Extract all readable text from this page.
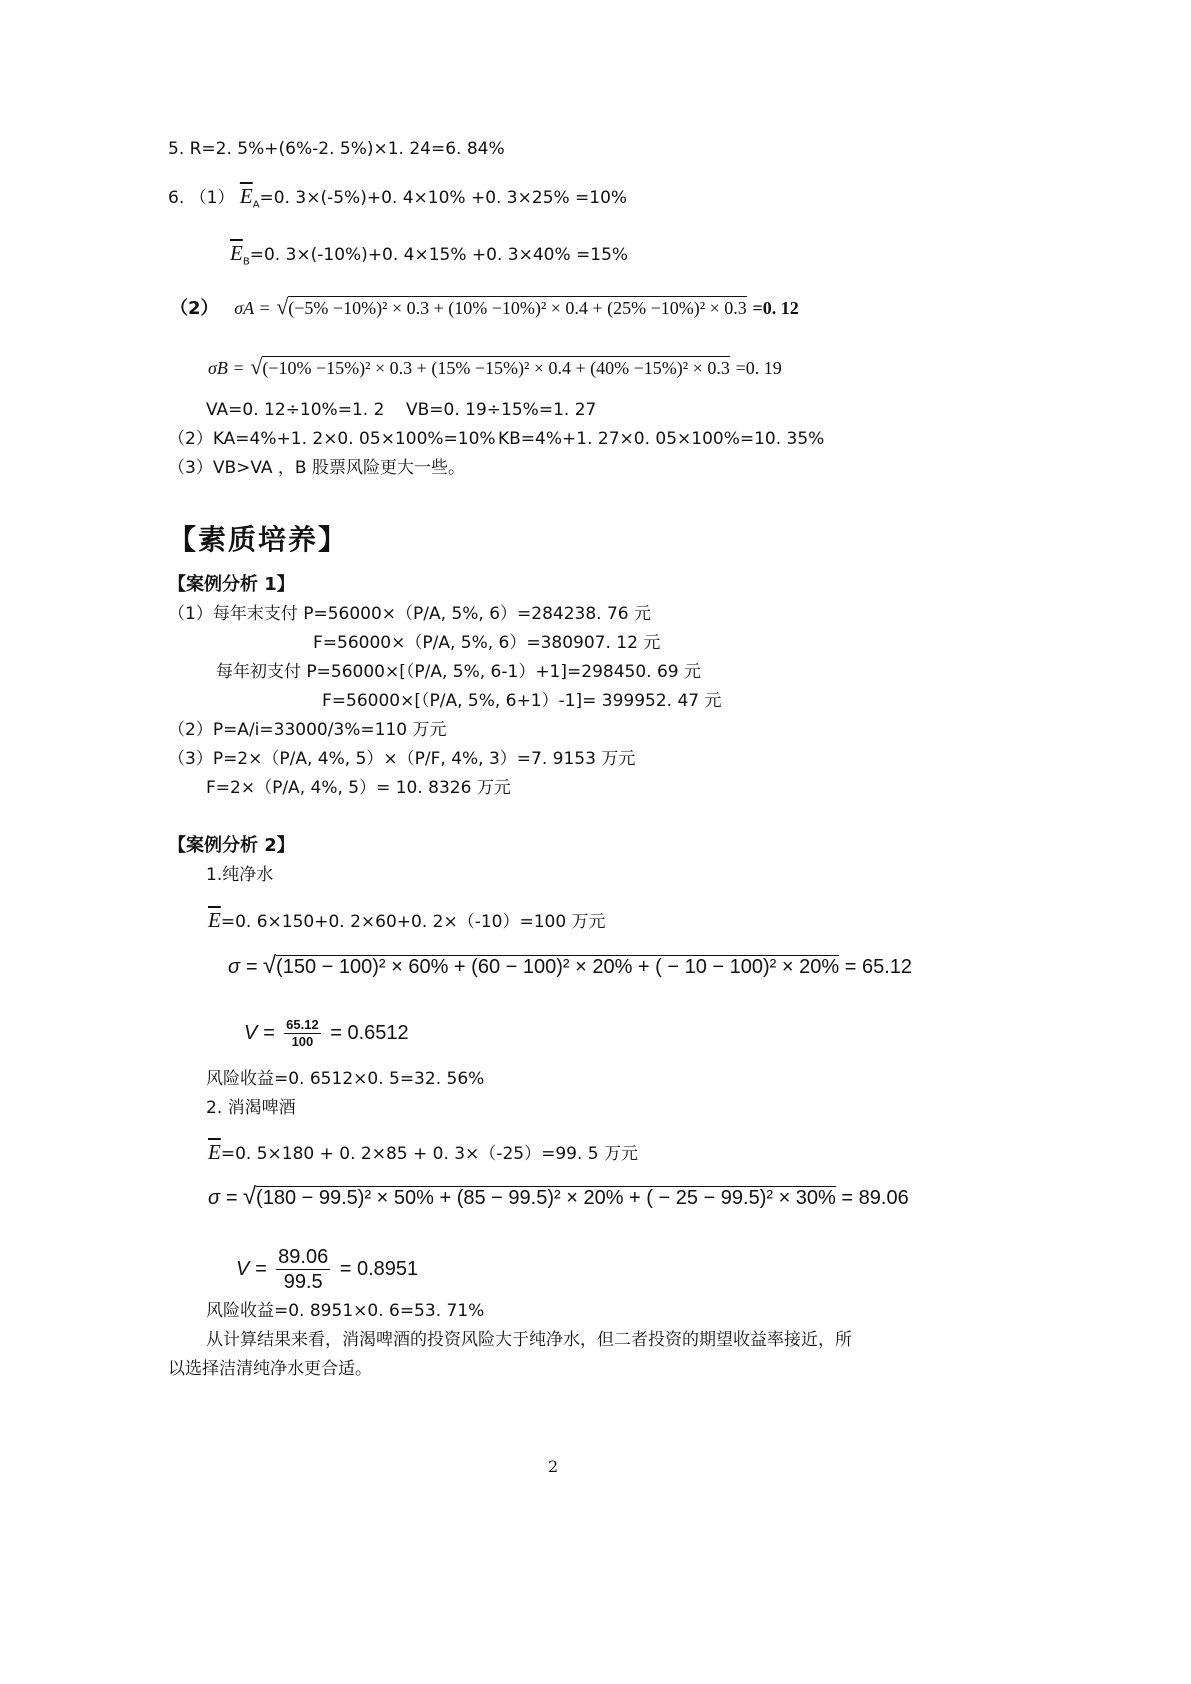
5. R=2. 5%+(6%-2. 5%)×1. 24=6. 84%
6. （1） $\overline{E}_A=0$. 3×(-5%)+0. 4×10% +0. 3×25% =10%
$\overline{E}_B=0$. 3×(-10%)+0. 4×15% +0. 3×40% =15%
（2） σA = √(−5% −10%)² × 0.3 + (10% −10%)² × 0.4 + (25% −10%)² × 0.3 =0. 12
σB = √(−10% −15%)² × 0.3 + (15% −15%)² × 0.4 + (40% −15%)² × 0.3 =0. 19
VA=0. 12÷10%=1. 2 VB=0. 19÷15%=1. 27
（2）KA=4%+1. 2×0. 05×100%=10% KB=4%+1. 27×0. 05×100%=10. 35%
（3）VB>VA ，B 股票风险更大一些。
【素质培养】
【案例分析 1】
（1）每年末支付 P=56000×（P/A, 5%, 6）=284238. 76 元
F=56000×（P/A, 5%, 6）=380907. 12 元
每年初支付 P=56000×[（P/A, 5%, 6-1）+1]=298450. 69 元
F=56000×[（P/A, 5%, 6+1）-1]= 399952. 47 元
（2）P=A/i=33000/3%=110 万元
（3）P=2×（P/A, 4%, 5）×（P/F, 4%, 3）=7. 9153 万元
F=2×（P/A, 4%, 5）= 10. 8326 万元
【案例分析 2】
1.纯净水
$\overline{E}=0$. 6×150+0. 2×60+0. 2×（-10）=100 万元
σ = √(150 − 100)² × 60% + (60 − 100)² × 20% + ( − 10 − 100)² × 20% = 65.12
$V = \frac{65.12}{100} = 0.6512$
风险收益=0. 6512×0. 5=32. 56%
2. 消渴啤酒
$\overline{E}=0$. 5×180 + 0. 2×85 + 0. 3×（-25）=99. 5 万元
σ = √(180 − 99.5)² × 50% + (85 − 99.5)² × 20% + ( − 25 − 99.5)² × 30% = 89.06
$V = \frac{89.06}{99.5} = 0.8951$
风险收益=0. 8951×0. 6=53. 71%
从计算结果来看，消渴啤酒的投资风险大于纯净水，但二者投资的期望收益率接近，所
以选择洁清纯净水更合适。
2
